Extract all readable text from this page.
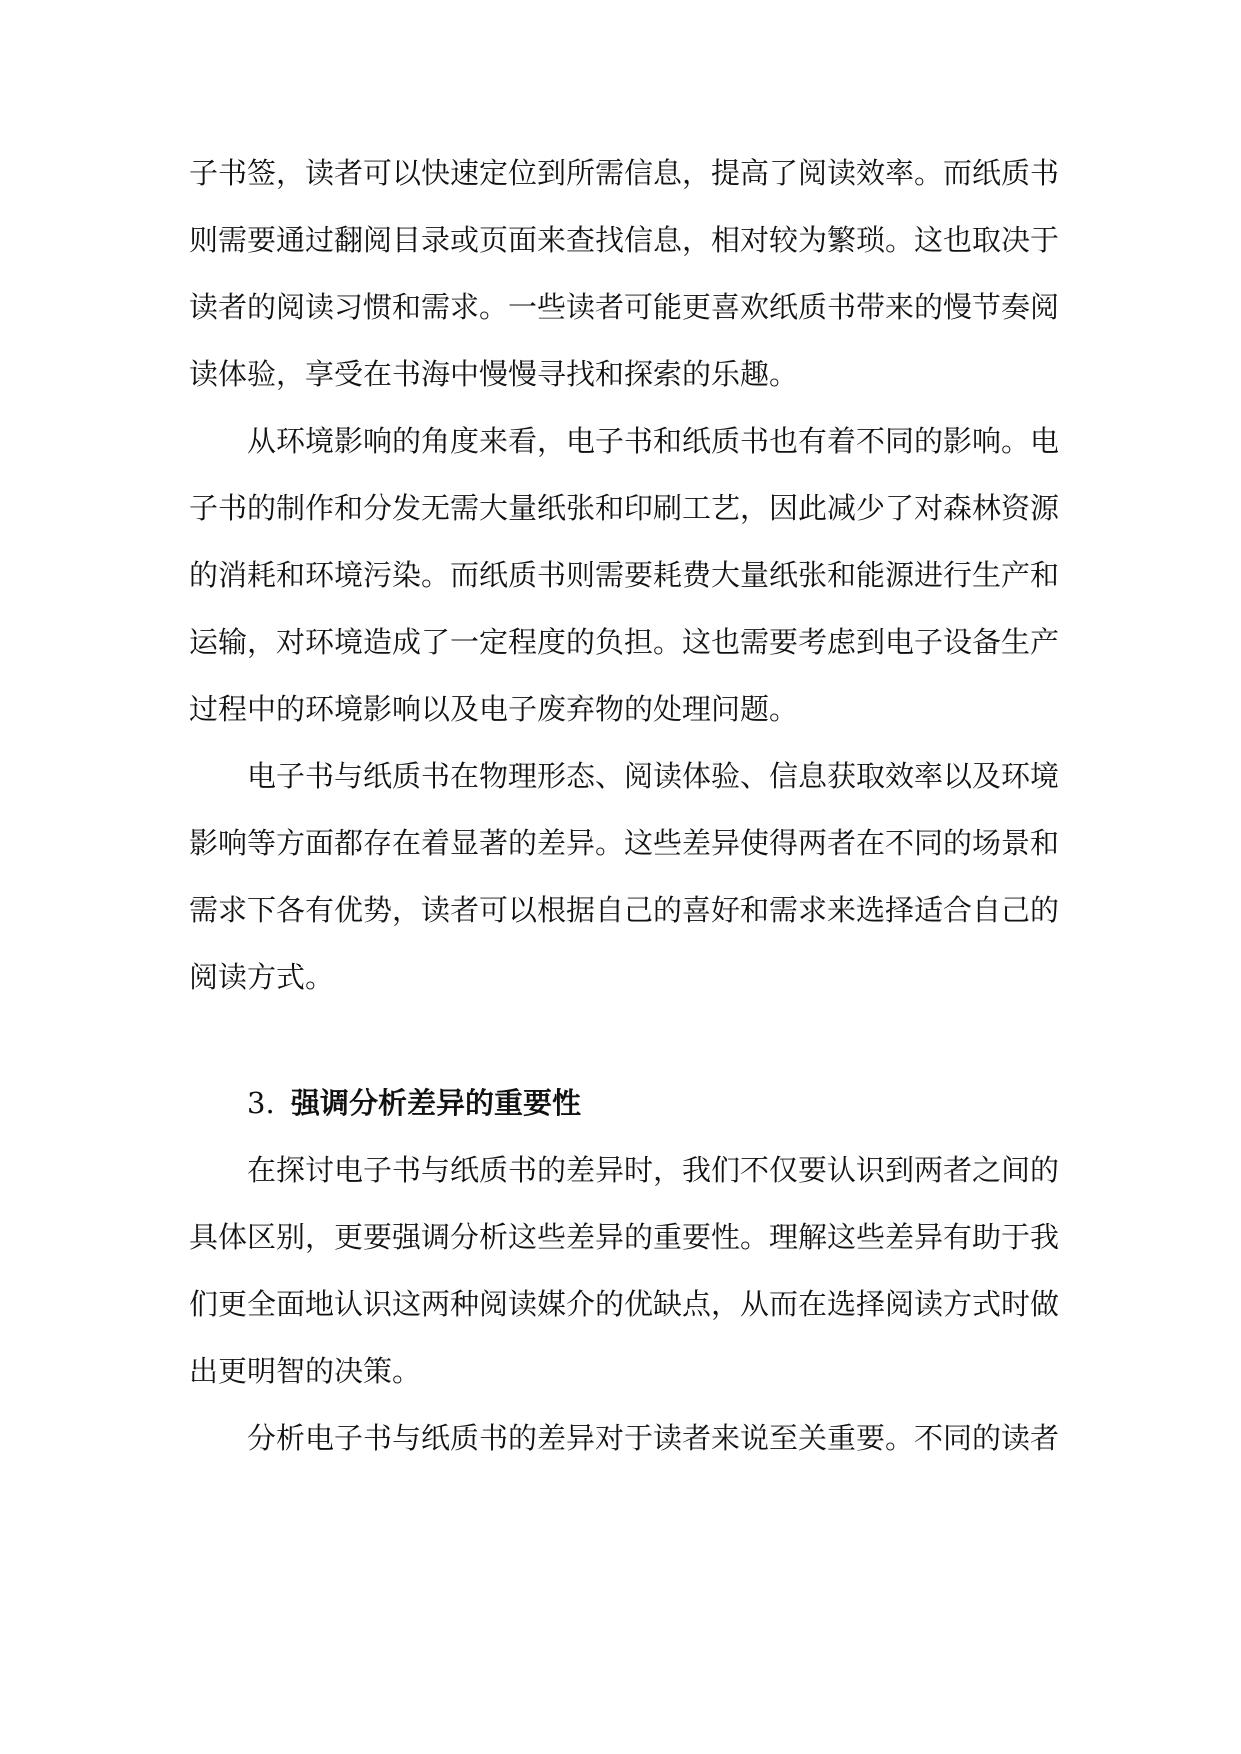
子书签，读者可以快速定位到所需信息，提高了阅读效率。而纸质书
则需要通过翻阅目录或页面来查找信息，相对较为繁琐。这也取决于
读者的阅读习惯和需求。一些读者可能更喜欢纸质书带来的慢节奏阅
读体验，享受在书海中慢慢寻找和探索的乐趣。
从环境影响的角度来看，电子书和纸质书也有着不同的影响。电
子书的制作和分发无需大量纸张和印刷工艺，因此减少了对森林资源
的消耗和环境污染。而纸质书则需要耗费大量纸张和能源进行生产和
运输，对环境造成了一定程度的负担。这也需要考虑到电子设备生产
过程中的环境影响以及电子废弃物的处理问题。
电子书与纸质书在物理形态、阅读体验、信息获取效率以及环境
影响等方面都存在着显著的差异。这些差异使得两者在不同的场景和
需求下各有优势，读者可以根据自己的喜好和需求来选择适合自己的
阅读方式。
3. 强调分析差异的重要性
在探讨电子书与纸质书的差异时，我们不仅要认识到两者之间的
具体区别，更要强调分析这些差异的重要性。理解这些差异有助于我
们更全面地认识这两种阅读媒介的优缺点，从而在选择阅读方式时做
出更明智的决策。
分析电子书与纸质书的差异对于读者来说至关重要。不同的读者
